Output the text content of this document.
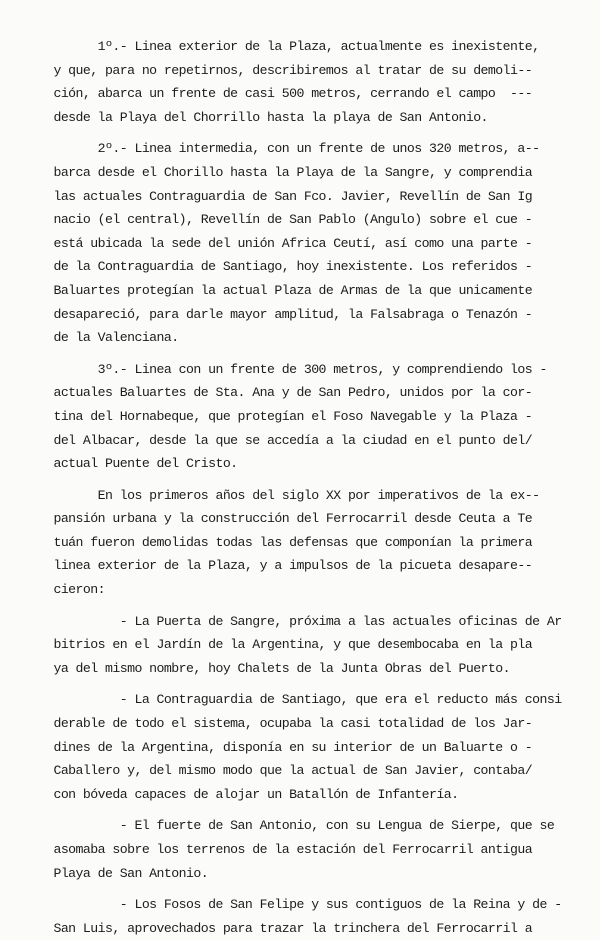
1º.- Linea exterior de la Plaza, actualmente es inexistente,
y que, para no repetirnos, describiremos al tratar de su demoli--
ción, abarca un frente de casi 500 metros, cerrando el campo  ---
desde la Playa del Chorrillo hasta la playa de San Antonio.
2º.- Linea intermedia, con un frente de unos 320 metros, a--
barca desde el Chorillo hasta la Playa de la Sangre, y comprendia
las actuales Contraguardia de San Fco. Javier, Revellín de San Ig
nacio (el central), Revellín de San Pablo (Angulo) sobre el cue -
está ubicada la sede del unión Africa Ceutí, así como una parte -
de la Contraguardia de Santiago, hoy inexistente. Los referidos -
Baluartes protegían la actual Plaza de Armas de la que unicamente
desapareció, para darle mayor amplitud, la Falsabraga o Tenazón -
de la Valenciana.
3º.- Linea con un frente de 300 metros, y comprendiendo los -
actuales Baluartes de Sta. Ana y de San Pedro, unidos por la cor-
tina del Hornabeque, que protegían el Foso Navegable y la Plaza -
del Albacar, desde la que se accedía a la ciudad en el punto del/
actual Puente del Cristo.
En los primeros años del siglo XX por imperativos de la ex--
pansión urbana y la construcción del Ferrocarril desde Ceuta a Te
tuán fueron demolidas todas las defensas que componían la primera
linea exterior de la Plaza, y a impulsos de la picueta desapare--
cieron:
- La Puerta de Sangre, próxima a las actuales oficinas de Ar
bitrios en el Jardín de la Argentina, y que desembocaba en la pla
ya del mismo nombre, hoy Chalets de la Junta Obras del Puerto.
- La Contraguardia de Santiago, que era el reducto más consi
derable de todo el sistema, ocupaba la casi totalidad de los Jar-
dines de la Argentina, disponía en su interior de un Baluarte o -
Caballero y, del mismo modo que la actual de San Javier, contaba/
con bóveda capaces de alojar un Batallón de Infantería.
- El fuerte de San Antonio, con su Lengua de Sierpe, que se
asomaba sobre los terrenos de la estación del Ferrocarril antigua
Playa de San Antonio.
- Los Fosos de San Felipe y sus contiguos de la Reina y de -
San Luis, aprovechados para trazar la trinchera del Ferrocarril a
